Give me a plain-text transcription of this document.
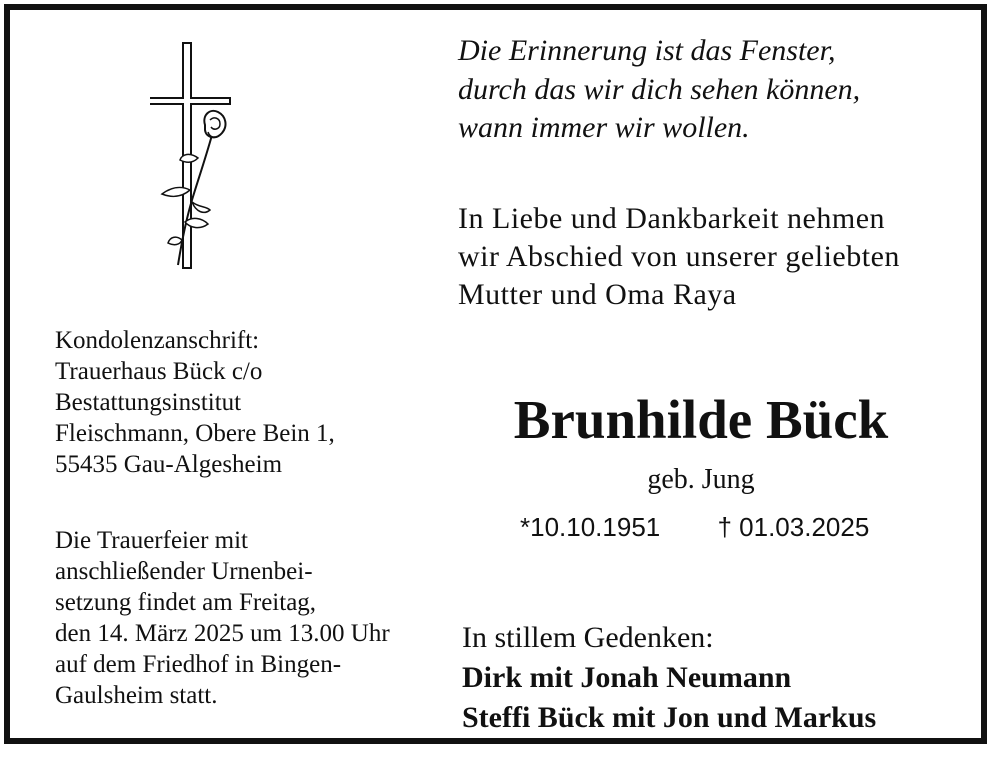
Die Erinnerung ist das Fenster,
durch das wir dich sehen können,
wann immer wir wollen.
In Liebe und Dankbarkeit nehmen
wir Abschied von unserer geliebten
Mutter und Oma Raya
Brunhilde Bück
geb. Jung
*10.10.1951 † 01.03.2025
In stillem Gedenken:
Dirk mit Jonah Neumann
Steffi Bück mit Jon und Markus
Kondolenzanschrift:
Trauerhaus Bück c/o
Bestattungsinstitut
Fleischmann, Obere Bein 1,
55435 Gau-Algesheim
Die Trauerfeier mit
anschließender Urnenbei-
setzung findet am Freitag,
den 14. März 2025 um 13.00 Uhr
auf dem Friedhof in Bingen-
Gaulsheim statt.
